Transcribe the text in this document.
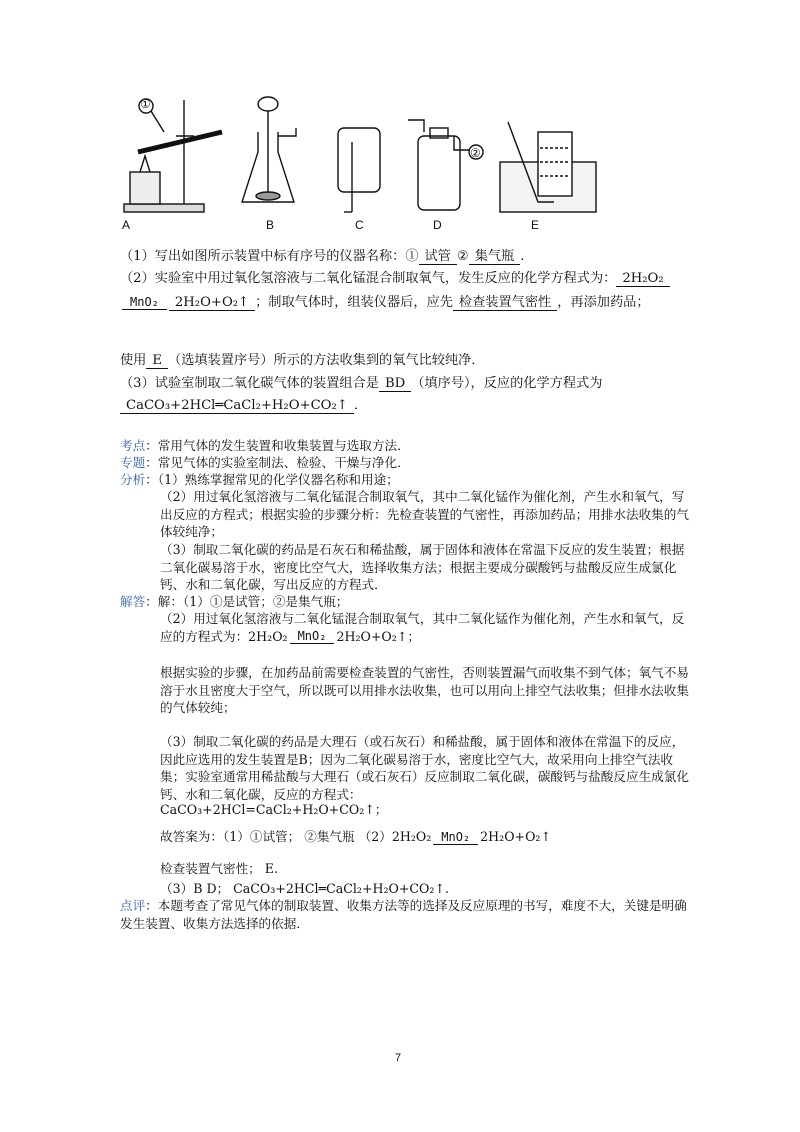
A	B	C	D	E
①
②
（1）写出如图所示装置中标有序号的仪器名称：① 试管 ② 集气瓶 .
（2）实验室中用过氧化氢溶液与二氧化锰混合制取氧气，发生反应的化学方程式为： 2H₂O₂
MnO₂	2H₂O+O₂↑ ；制取气体时，组装仪器后，应先 检查装置气密性 ，再添加药品；
使用 E （选填装置序号）所示的方法收集到的氧气比较纯净．
（3）试验室制取二氧化碳气体的装置组合是 BD （填序号），反应的化学方程式为
CaCO₃+2HCl═CaCl₂+H₂O+CO₂↑ ．
考点：常用气体的发生装置和收集装置与选取方法．
专题：常见气体的实验室制法、检验、干燥与净化．
分析：（1）熟练掌握常见的化学仪器名称和用途；
（2）用过氧化氢溶液与二氧化锰混合制取氧气，其中二氧化锰作为催化剂，产生水和氧气，写出反应的方程式；根据实验的步骤分析：先检查装置的气密性，再添加药品；用排水法收集的气体较纯净；
（3）制取二氧化碳的药品是石灰石和稀盐酸，属于固体和液体在常温下反应的发生装置；根据二氧化碳易溶于水，密度比空气大，选择收集方法；根据主要成分碳酸钙与盐酸反应生成氯化钙、水和二氧化碳，写出反应的方程式．
解答：解：（1）①是试管；②是集气瓶；
（2）用过氧化氢溶液与二氧化锰混合制取氧气，其中二氧化锰作为催化剂，产生水和氧气，反应的方程式为：2H₂O₂ MnO₂ 2H₂O+O₂↑；
根据实验的步骤，在加药品前需要检查装置的气密性，否则装置漏气而收集不到气体；氧气不易溶于水且密度大于空气，所以既可以用排水法收集，也可以用向上排空气法收集；但排水法收集的气体较纯；
（3）制取二氧化碳的药品是大理石（或石灰石）和稀盐酸，属于固体和液体在常温下的反应，因此应选用的发生装置是B；因为二氧化碳易溶于水，密度比空气大，故采用向上排空气法收集；实验室通常用稀盐酸与大理石（或石灰石）反应制取二氧化碳，碳酸钙与盐酸反应生成氯化钙、水和二氧化碳，反应的方程式：
CaCO₃+2HCl=CaCl₂+H₂O+CO₂↑；
故答案为：（1）①试管； ②集气瓶 （2）2H₂O₂ MnO₂ 2H₂O+O₂↑
检查装置气密性； E.
（3）B D； CaCO₃+2HCl═CaCl₂+H₂O+CO₂↑.
点评：本题考查了常见气体的制取装置、收集方法等的选择及反应原理的书写，难度不大，关键是明确发生装置、收集方法选择的依据．
7
